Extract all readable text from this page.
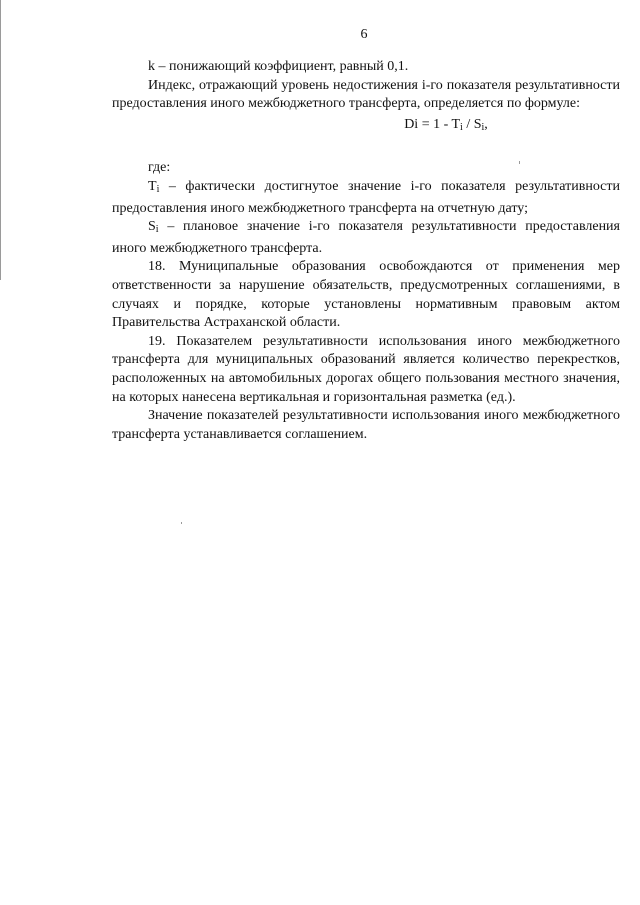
6

k – понижающий коэффициент, равный 0,1.

Индекс, отражающий уровень недостижения i-го показателя результативности предоставления иного межбюджетного трансферта, определяется по формуле:

$Di = 1 - T_i / S_i$,

где:

$T_i$ – фактически достигнутое значение i-го показателя результативности предоставления иного межбюджетного трансферта на отчетную дату;

$S_i$ – плановое значение i-го показателя результативности предоставления иного межбюджетного трансферта.

18. Муниципальные образования освобождаются от применения мер ответственности за нарушение обязательств, предусмотренных соглашениями, в случаях и порядке, которые установлены нормативным правовым актом Правительства Астраханской области.

19. Показателем результативности использования иного межбюджетного трансферта для муниципальных образований является количество перекрестков, расположенных на автомобильных дорогах общего пользования местного значения, на которых нанесена вертикальная и горизонтальная разметка (ед.).

Значение показателей результативности использования иного межбюджетного трансферта устанавливается соглашением.
